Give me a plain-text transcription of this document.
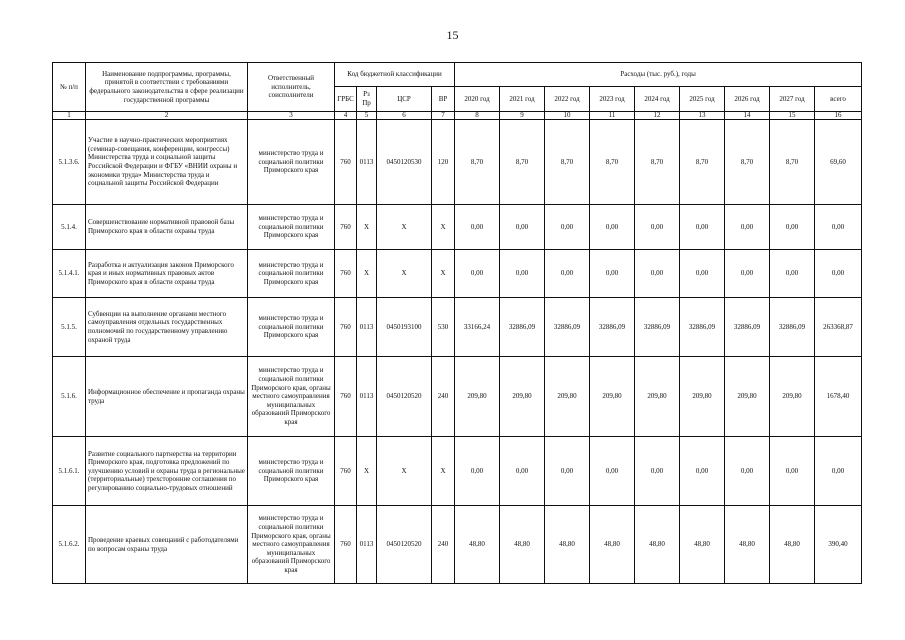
15
№ п/п	Наименование подпрограммы, программы, принятой в соответствии с требованиями федерального законодательства в сфере реализации государственной программы	Ответственный исполнитель, соисполнители	Код бюджетной классификации				Расходы (тыс. руб.), годы								
			ГРБС	Рз Пр	ЦСР	ВР	2020 год	2021 год	2022 год	2023 год	2024 год	2025 год	2026 год	2027 год	всего
1	2	3	4	5	6	7	8	9	10	11	12	13	14	15	16
5.1.3.6.	Участие в научно-практических мероприятиях (семинар-совещания, конференции, конгрессы) Министерства труда и социальной защиты Российской Федерации и ФГБУ «ВНИИ охраны и экономики труда» Министерства труда и социальной защиты Российской Федерации	министерство труда и социальной политики Приморского края	760	0113	0450120530	120	8,70	8,70	8,70	8,70	8,70	8,70	8,70	8,70	69,60
5.1.4.	Совершенствование нормативной правовой базы Приморского края в области охраны труда	министерство труда и социальной политики Приморского края	760	X	X	X	0,00	0,00	0,00	0,00	0,00	0,00	0,00	0,00	0,00
5.1.4.1.	Разработка и актуализация законов Приморского края и иных нормативных правовых актов Приморского края в области охраны труда	министерство труда и социальной политики Приморского края	760	X	X	X	0,00	0,00	0,00	0,00	0,00	0,00	0,00	0,00	0,00
5.1.5.	Субвенции на выполнение органами местного самоуправления отдельных государственных полномочий по государственному управлению охраной труда	министерство труда и социальной политики Приморского края	760	0113	0450193100	530	33166,24	32886,09	32886,09	32886,09	32886,09	32886,09	32886,09	32886,09	263368,87
5.1.6.	Информационное обеспечение и пропаганда охраны труда	министерство труда и социальной политики Приморского края, органы местного самоуправления муниципальных образований Приморского края	760	0113	0450120520	240	209,80	209,80	209,80	209,80	209,80	209,80	209,80	209,80	1678,40
5.1.6.1.	Развитие социального партнерства на территории Приморского края, подготовка предложений по улучшению условий и охраны труда в региональные (территориальные) трехсторонние соглашения по регулированию социально-трудовых отношений	министерство труда и социальной политики Приморского края	760	X	X	X	0,00	0,00	0,00	0,00	0,00	0,00	0,00	0,00	0,00
5.1.6.2.	Проведение краевых совещаний с работодателями по вопросам охраны труда	министерство труда и социальной политики Приморского края, органы местного самоуправления муниципальных образований Приморского края	760	0113	0450120520	240	48,80	48,80	48,80	48,80	48,80	48,80	48,80	48,80	390,40
